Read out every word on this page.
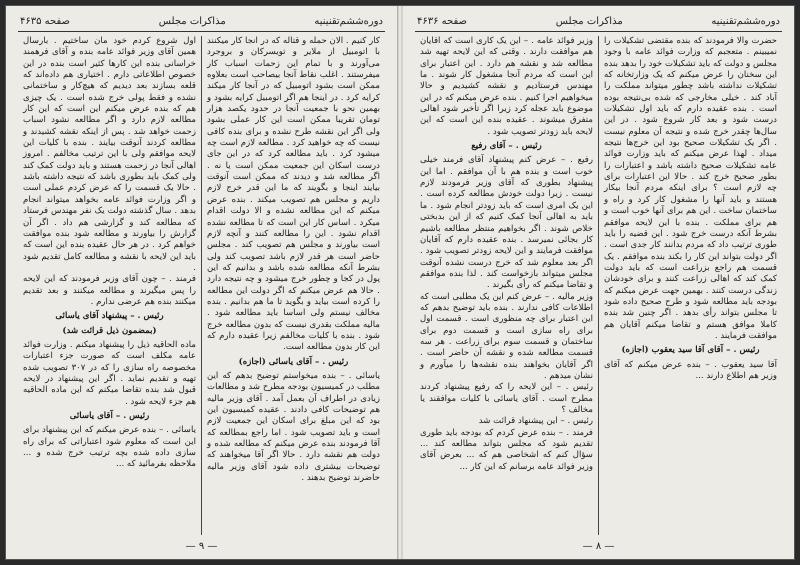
دوره‌ششم‌تقنینیه
مذاکرات مجلس
صفحه ۴۶۳۵

کار کنیم . الان حمله و قتاله که در آنجا کار میکنند با اتومبیل از ملایر و تویسرکان و بروجرد می‌آورند و با تمام این زحمات اسباب کار میفرستند . اغلب نقاط آنجا بیصاحب است بعلاوه ممکن است بشود اتومبیل که در آنجا کار میکند کرایه کرد . در اینجا هم اگر اتومبیل کرایه بشود و بهمین نحو با جمعیت آنجا در حدود یکصد هزار تومان تقریبا ممکن است این کار عملی بشود ولی اگر این نقشه طرح نشده و برای بنده کافی نیست که چه خواهید کرد . مطالعه لازم است چه میشود کرد . باید مطالعه کرد که در این جای درست اسکان این جمعیت ممکن است یا نه . اگر مطالعه شد و دیدند که ممکن است آنوقت بیایند اینجا و بگویند که ما این قدر خرج لازم داریم و مجلس هم تصویب میکند . بنده عرض میکنم که این مطالعه نشده و الا دولت اقدام میکرد . اساس کار این است که تا مطالعه نشده اقدام نشود . این را مطالعه کنند و آنچه لازم است بیاورند و مجلس هم تصویب کند . مجلس حاضر است هر قدر لازم باشد تصویب کند ولی بشرط آنکه مطالعه شده باشد و بدانیم که این پول در کجا و چطور خرج میشود و چه نتیجه دارد . حالا هم عرض میکنم که اگر دولت این مطالعه را کرده است بیاید و بگوید تا ما هم بدانیم . بنده مخالف نیستم ولی اساسا باید مطالعه شود . مالیه مملکت بقدری نیست که بدون مطالعه خرج شود . بنده با کلیات مخالفم زیرا عقیده دارم که این کار بدون مطالعه است.

رئیس . – آقای یاسائی (اجازه)

یاسائی . – بنده میخواستم توضیح بدهم که این مطلب در کمیسیون بودجه مطرح شد و مطالعات زیادی در اطراف آن بعمل آمد . آقای وزیر مالیه هم توضیحات کافی دادند . عقیده کمیسیون این بود که این مبلغ برای اسکان این جمعیت لازم است و باید تصویب شود . اما راجع بمطالعه که آقا فرمودند بنده عرض میکنم که مطالعه شده و دولت هم نقشه دارد . حالا اگر آقا میخواهند که توضیحات بیشتری داده شود آقای وزیر مالیه حاضرند توضیح بدهند .

اول شروع کردم خود مان ساختیم . بارسال همین آقای وزیر فوائد عامه بنده و آقای فرهمند خراسانی بنده این کارها کثیر است بنده در این خصوص اطلاعاتی دارم . اختیاری هم داده‌اند که قلعه بسازند بعد دیدیم که هیچ‌کار و ساختمانی نشده و فقط پولی خرج شده است . یک چیزی هم که بنده عرض میکنم این است که این کار مطالعه لازم دارد و اگر مطالعه نشود اسباب زحمت خواهد شد . پس از اینکه نقشه کشیدند و مطالعه کردند آنوقت بیایند . بنده با کلیات این لایحه موافقم ولی با این ترتیب مخالفم . امروز اهالی آنجا در زحمت هستند و باید دولت کمک کند ولی کمک باید بطوری باشد که نتیجه داشته باشد . حالا یک قسمت را که عرض کردم عملی است و اگر وزارت فوائد عامه بخواهد میتواند انجام بدهد . سال گذشته دولت یک نفر مهندس فرستاد که مطالعه کند و گزارشی هم داد . اگر آن گزارش را بیاورند و مطالعه شود بنده موافقت خواهم کرد . در هر حال عقیده بنده این است که باید این لایحه با نقشه و مطالعه کامل تقدیم شود .

فرمند . – چون آقای وزیر فرمودند که این لایحه را پس میگیرند و مطالعه میکنند و بعد تقدیم میکنند بنده هم عرضی ندارم .

رئیس . – پیشنهاد آقای یاسائی

(بمضمون ذیل قرائت شد)

ماده الحاقیه ذیل را پیشنهاد میکنم . وزارت فوائد عامه مکلف است که صورت جزء اعتبارات مخصوصه راه سازی را که در ۳۰۷ تصویب شده تهیه و تقدیم نماید . اگر این پیشنهاد در لایحه قبول شد بنده تقاضا میکنم که این ماده الحاقیه هم جزء لایحه شود .

رئیس . – آقای یاسائی

یاسائی . – بنده عرض میکنم که این پیشنهاد برای این است که معلوم شود اعتباراتی که برای راه سازی داده شده بچه ترتیب خرج شده و ... ملاحظه بفرمائید که ...

— ٩ —
دوره‌ششم‌تقنینیه
مذاکرات مجلس
صفحه ۴۶۳۶

حضرت والا فرمودند که بنده مقتضی تشکیلات را نمیبینم . متعجبم که وزارت فوائد عامه با وجود مجلس و دولت که باید تشکیلات خود را بدهد بنده این سخنان را عرض میکنم که یک وزارتخانه که تشکیلات نداشته باشد چطور میتواند مملکت را آباد کند . خیلی مخارجی که شده بی‌نتیجه بوده است . بنده عقیده دارم که باید اول تشکیلات درست شود و بعد کار شروع شود . در این سال‌ها چقدر خرج شده و نتیجه آن معلوم نیست . اگر یک تشکیلات صحیح بود این خرج‌ها نتیجه میداد . لهذا عرض میکنم که باید وزارت فوائد عامه تشکیلات صحیح داشته باشد و اعتبارات را بطور صحیح خرج کند . حالا این اعتبارات برای چه لازم است ؟ برای اینکه مردم آنجا بیکار هستند و باید آنها را مشغول کار کرد و راه و ساختمان ساخت . این هم برای آنها خوب است و هم برای مملکت . بنده با این لایحه موافقم بشرط آنکه درست خرج شود . این قضیه را باید طوری ترتیب داد که مردم بدانند کار جدی است . اگر دولت بتواند این کار را بکند بنده موافقم . یک قسمت هم راجع بزراعت است که باید دولت کمک کند که اهالی زراعت کنند و برای خودشان زندگی درست کنند . بهمین جهت عرض میکنم که بودجه باید مطالعه شود و طرح صحیح داده شود تا مجلس بتواند رأی بدهد . اگر چنین شد بنده کاملا موافق هستم و تقاضا میکنم آقایان هم موافقت فرمایند .

رئیس . – آقای آقا سید یعقوب (اجازه)

آقا سید یعقوب . – بنده عرض میکنم که آقای وزیر هم اطلاع دارند ...

وزیر فوائد عامه . – این یک کاری است که آقایان هم موافقت دارند . وقتی که این لایحه تهیه شد مطالعه شد و نقشه هم دارد . این اعتبار برای این است که مردم آنجا مشغول کار شوند . ما مهندس فرستادیم و نقشه کشیدیم و حالا میخواهیم اجرا کنیم . بنده عرض میکنم که در این موضوع باید عجله کرد زیرا اگر تأخیر شود اهالی متفرق میشوند . عقیده بنده این است که این لایحه باید زودتر تصویب شود .

رئیس . – آقای رفیع

رفیع . – عرض کنم پیشنهاد آقای فرمند خیلی خوب است و بنده هم با آن موافقم . اما این پیشنهاد بطوری که آقای وزیر فرمودند لازم نیست . زیرا دولت خودش مطالعه کرده است . این یک امری است که باید زودتر انجام شود . ما باید به اهالی آنجا کمک کنیم که از این بدبختی خلاص شوند . اگر بخواهیم منتظر مطالعه باشیم کار بجائی نمیرسد . بنده عقیده دارم که آقایان موافقت فرمایند و این لایحه زودتر تصویب شود . اگر بعد معلوم شد که خرج درست نشده آنوقت مجلس میتواند بازخواست کند . لذا بنده موافقم و تقاضا میکنم که رأی بگیرند .

وزیر مالیه . – عرض کنم این یک مطلبی است که اطلاعات کافی ندارند . بنده باید توضیح بدهم که این اعتبار برای چه منظوری است . قسمت اول برای راه سازی است و قسمت دوم برای ساختمان و قسمت سوم برای زراعت . هر سه قسمت مطالعه شده و نقشه آن حاضر است . اگر آقایان بخواهند بنده نقشه‌ها را میآورم و نشان میدهم .

رئیس . – این لایحه را که رفیع پیشنهاد کردند مطرح است . آقای یاسائی با کلیات موافقند یا مخالف ؟

رئیس . – این پیشنهاد قرائت شد

فرمند . – بنده عرض کردم که بودجه باید طوری تقدیم شود که مجلس بتواند مطالعه کند ... سؤال کنم که اشخاصی هم که ... بعرض آقای وزیر فوائد عامه برسانم که این کار ...

— ٨ —
